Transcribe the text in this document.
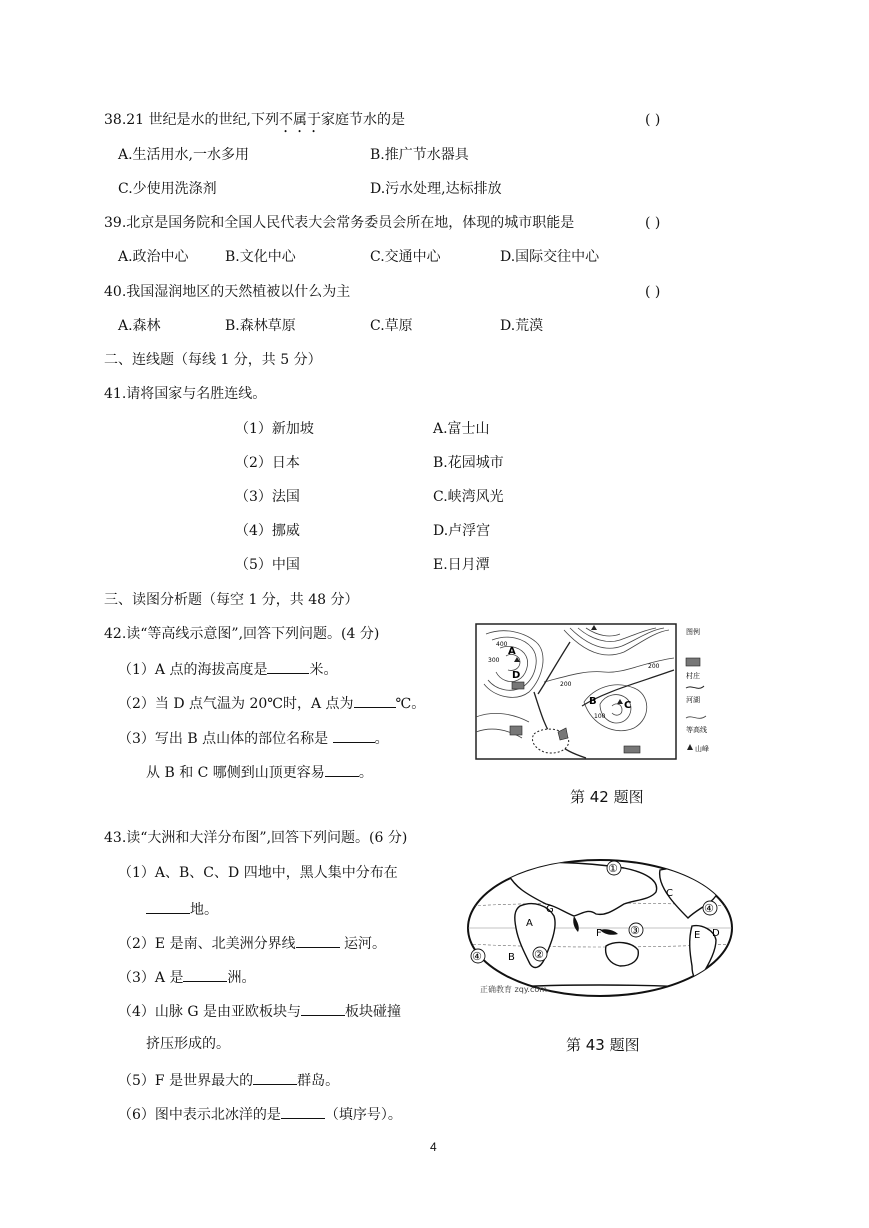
38.21 世纪是水的世纪,下列不属于家庭节水的是	( )
A.生活用水,一水多用	B.推广节水器具
C.少使用洗涤剂	D.污水处理,达标排放
39.北京是国务院和全国人民代表大会常务委员会所在地，体现的城市职能是	( )
A.政治中心	B.文化中心	C.交通中心	D.国际交往中心
40.我国湿润地区的天然植被以什么为主	( )
A.森林	B.森林草原	C.草原	D.荒漠
二、连线题（每线 1 分，共 5 分）
41.请将国家与名胜连线。
（1）新加坡	A.富士山
（2）日本	B.花园城市
（3）法国	C.峡湾风光
（4）挪威	D.卢浮宫
（5）中国	E.日月潭
三、读图分析题（每空 1 分，共 48 分）
42.读“等高线示意图”,回答下列问题。(4 分)
（1）A 点的海拔高度是	米。
（2）当 D 点气温为 20℃时，A 点为	℃。
（3）写出 B 点山体的部位名称是	。
从 B 和 C 哪侧到山顶更容易 。
A
D
B	C
400
300
200
100
200
图例
村庄
河湖
等高线
山峰
第 42 题图
43.读“大洲和大洋分布图”,回答下列问题。(6 分)
（1）A、B、C、D 四地中，黑人集中分布在
地。
（2）E 是南、北美洲分界线	运河。
（3）A 是	洲。
（4）山脉 G 是由亚欧板块与	板块碰撞
挤压形成的。
（5）F 是世界最大的	群岛。
（6）图中表示北冰洋的是	（填序号）。
①
②
③
④
④
A
B
C
D
E
F
G
正确教育 zqy.com
第 43 题图
4
